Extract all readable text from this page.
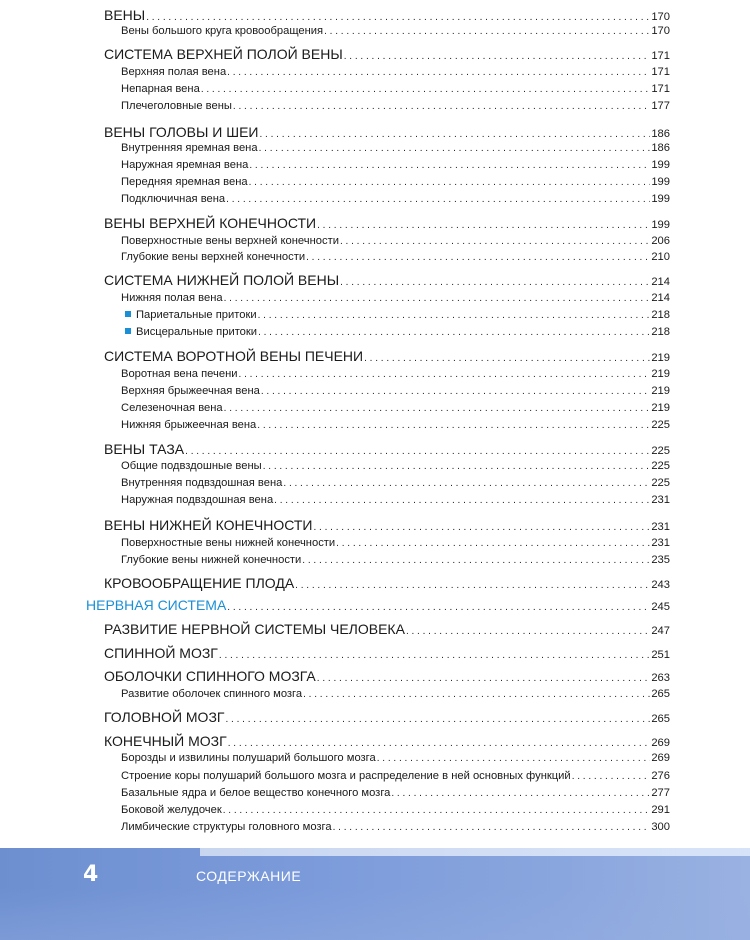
ВЕНЫ . . .	170
Вены большого круга кровообращения . . .	170
СИСТЕМА ВЕРХНЕЙ ПОЛОЙ ВЕНЫ . . .	171
Верхняя полая вена . . .	171
Непарная вена . . .	171
Плечеголовные вены . . .	177
ВЕНЫ ГОЛОВЫ И ШЕИ . . .	186
Внутренняя яремная вена . . .	186
Наружная яремная вена . . .	199
Передняя яремная вена . . .	199
Подключичная вена . . .	199
ВЕНЫ ВЕРХНЕЙ КОНЕЧНОСТИ . . .	199
Поверхностные вены верхней конечности . . .	206
Глубокие вены верхней конечности . . .	210
СИСТЕМА НИЖНЕЙ ПОЛОЙ ВЕНЫ . . .	214
Нижняя полая вена . . .	214
Париетальные притоки . . .	218
Висцеральные притоки . . .	218
СИСТЕМА ВОРОТНОЙ ВЕНЫ ПЕЧЕНИ . . .	219
Воротная вена печени . . .	219
Верхняя брыжеечная вена . . .	219
Селезеночная вена . . .	219
Нижняя брыжеечная вена . . .	225
ВЕНЫ ТАЗА . . .	225
Общие подвздошные вены . . .	225
Внутренняя подвздошная вена . . .	225
Наружная подвздошная вена . . .	231
ВЕНЫ НИЖНЕЙ КОНЕЧНОСТИ . . .	231
Поверхностные вены нижней конечности . . .	231
Глубокие вены нижней конечности . . .	235
КРОВООБРАЩЕНИЕ ПЛОДА . . .	243
НЕРВНАЯ СИСТЕМА . . .	245
РАЗВИТИЕ НЕРВНОЙ СИСТЕМЫ ЧЕЛОВЕКА . . .	247
СПИННОЙ МОЗГ . . .	251
ОБОЛОЧКИ СПИННОГО МОЗГА . . .	263
Развитие оболочек спинного мозга . . .	265
ГОЛОВНОЙ МОЗГ . . .	265
КОНЕЧНЫЙ МОЗГ . . .	269
Борозды и извилины полушарий большого мозга . . .	269
Строение коры полушарий большого мозга и распределение в ней основных функций . . .	276
Базальные ядра и белое вещество конечного мозга . . .	277
Боковой желудочек . . .	291
Лимбические структуры головного мозга . . .	300
4	СОДЕРЖАНИЕ
